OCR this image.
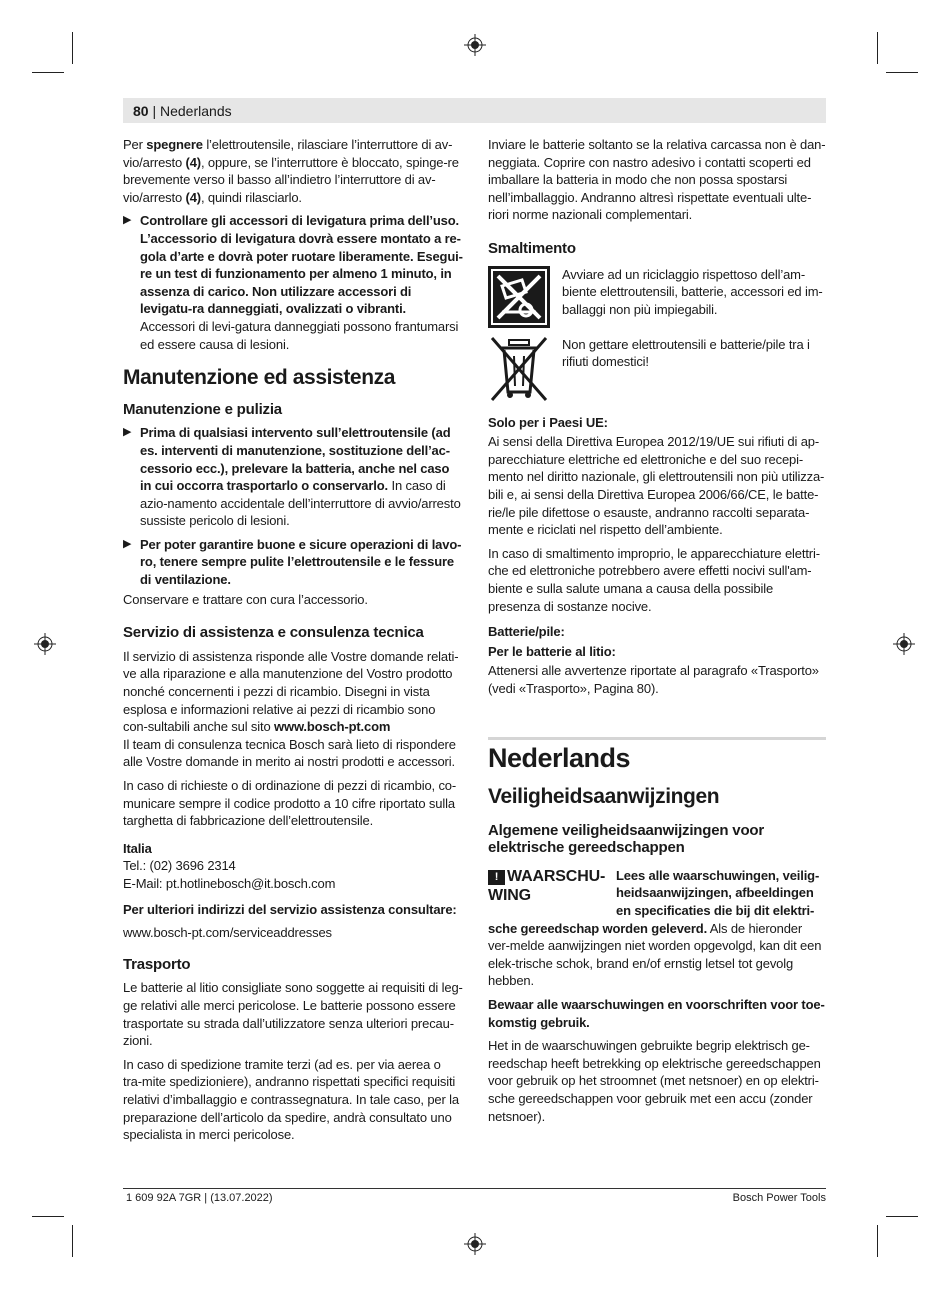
80 | Nederlands

Per spegnere l’elettroutensile, rilasciare l’interruttore di av-vio/arresto (4), oppure, se l’interruttore è bloccato, spinge-re brevemente verso il basso all’indietro l’interruttore di av-vio/arresto (4), quindi rilasciarlo.

▶ Controllare gli accessori di levigatura prima dell’uso. L’accessorio di levigatura dovrà essere montato a re-gola d’arte e dovrà poter ruotare liberamente. Esegui-re un test di funzionamento per almeno 1 minuto, in assenza di carico. Non utilizzare accessori di levigatu-ra danneggiati, ovalizzati o vibranti. Accessori di levi-gatura danneggiati possono frantumarsi ed essere causa di lesioni.
Manutenzione ed assistenza
Manutenzione e pulizia
▶ Prima di qualsiasi intervento sull’elettroutensile (ad es. interventi di manutenzione, sostituzione dell’ac-cessorio ecc.), prelevare la batteria, anche nel caso in cui occorra trasportarlo o conservarlo. In caso di azio-namento accidentale dell’interruttore di avvio/arresto sussiste pericolo di lesioni.
▶ Per poter garantire buone e sicure operazioni di lavo-ro, tenere sempre pulite l’elettroutensile e le fessure di ventilazione.

Conservare e trattare con cura l’accessorio.

Servizio di assistenza e consulenza tecnica

Il servizio di assistenza risponde alle Vostre domande relati-ve alla riparazione e alla manutenzione del Vostro prodotto nonché concernenti i pezzi di ricambio. Disegni in vista esplosa e informazioni relative ai pezzi di ricambio sono con-sultabili anche sul sito www.bosch-pt.com

Il team di consulenza tecnica Bosch sarà lieto di rispondere alle Vostre domande in merito ai nostri prodotti e accessori.

In caso di richieste o di ordinazione di pezzi di ricambio, co-municare sempre il codice prodotto a 10 cifre riportato sulla targhetta di fabbricazione dell’elettroutensile.

Italia
Tel.: (02) 3696 2314
E-Mail: pt.hotlinebosch@it.bosch.com

Per ulteriori indirizzi del servizio assistenza consultare:

www.bosch-pt.com/serviceaddresses

Trasporto

Le batterie al litio consigliate sono soggette ai requisiti di leg-ge relativi alle merci pericolose. Le batterie possono essere trasportate su strada dall’utilizzatore senza ulteriori precau-zioni.

In caso di spedizione tramite terzi (ad es. per via aerea o tra-mite spedizioniere), andranno rispettati specifici requisiti relativi d’imballaggio e contrassegnatura. In tale caso, per la preparazione dell’articolo da spedire, andrà consultato uno specialista in merci pericolose.

Inviare le batterie soltanto se la relativa carcassa non è dan-neggiata. Coprire con nastro adesivo i contatti scoperti ed imballare la batteria in modo che non possa spostarsi nell’imballaggio. Andranno altresì rispettate eventuali ulte-riori norme nazionali complementari.

Smaltimento
Avviare ad un riciclaggio rispettoso dell’am-biente elettroutensili, batterie, accessori ed im-ballaggi non più impiegabili.
Non gettare elettroutensili e batterie/pile tra i rifiuti domestici!

Solo per i Paesi UE:

Ai sensi della Direttiva Europea 2012/19/UE sui rifiuti di ap-parecchiature elettriche ed elettroniche e del suo recepi-mento nel diritto nazionale, gli elettroutensili non più utilizza-bili e, ai sensi della Direttiva Europea 2006/66/CE, le batte-rie/le pile difettose o esauste, andranno raccolti separata-mente e riciclati nel rispetto dell’ambiente.

In caso di smaltimento improprio, le apparecchiature elettri-che ed elettroniche potrebbero avere effetti nocivi sull'am-biente e sulla salute umana a causa della possibile presenza di sostanze nocive.

Batterie/pile:

Per le batterie al litio:

Attenersi alle avvertenze riportate al paragrafo «Trasporto» (vedi «Trasporto», Pagina 80).

Nederlands
Veiligheidsaanwijzingen
Algemene veiligheidsaanwijzingen voor elektrische gereedschappen
! WAARSCHU-WING

Lees alle waarschuwingen, veilig-heidsaanwijzingen, afbeeldingen en specificaties die bij dit elektri-sche gereedschap worden geleverd. Als de hieronder ver-melde aanwijzingen niet worden opgevolgd, kan dit een elek-trische schok, brand en/of ernstig letsel tot gevolg hebben.

Bewaar alle waarschuwingen en voorschriften voor toe-komstig gebruik.

Het in de waarschuwingen gebruikte begrip elektrisch ge-reedschap heeft betrekking op elektrische gereedschappen voor gebruik op het stroomnet (met netsnoer) en op elektri-sche gereedschappen voor gebruik met een accu (zonder netsnoer).

1 609 92A 7GR | (13.07.2022)	Bosch Power Tools
